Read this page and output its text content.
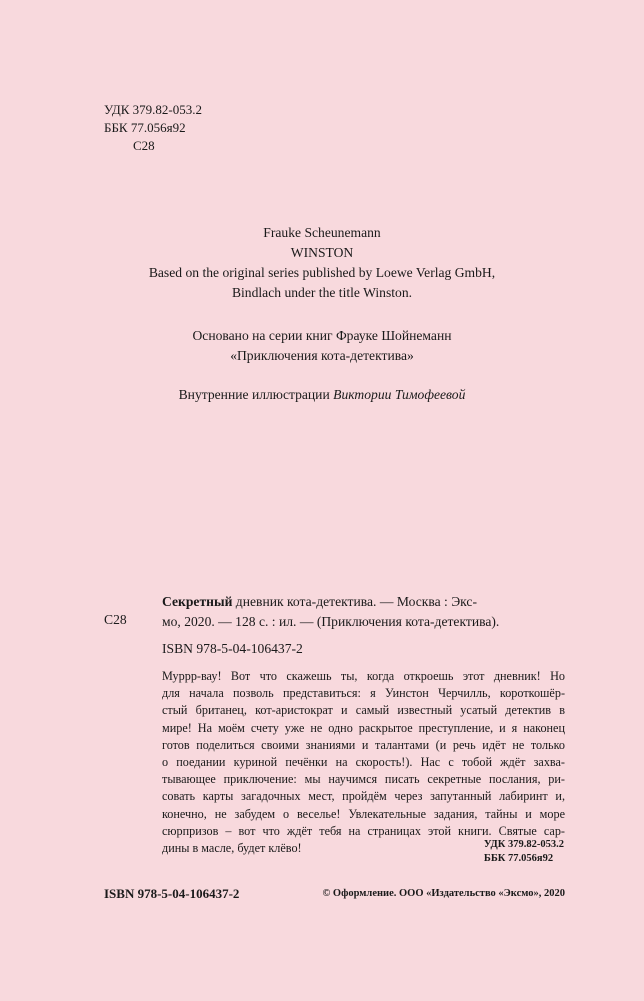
УДК 379.82-053.2
ББК 77.056я92
С28
Frauke Scheunemann
WINSTON
Based on the original series published by Loewe Verlag GmbH,
Bindlach under the title Winston.
Основано на серии книг Фрауке Шойнеманн
«Приключения кота-детектива»
Внутренние иллюстрации Виктории Тимофеевой
С28
Секретный дневник кота-детектива. — Москва : Экс-
мо, 2020. — 128 с. : ил. — (Приключения кота-детектива).
ISBN 978-5-04-106437-2
Муррр-вау! Вот что скажешь ты, когда откроешь этот дневник! Но
для начала позволь представиться: я Уинстон Черчилль, короткошёр-
стый британец, кот-аристократ и самый известный усатый детектив в
мире! На моём счету уже не одно раскрытое преступление, и я наконец
готов поделиться своими знаниями и талантами (и речь идёт не только
о поедании куриной печёнки на скорость!). Нас с тобой ждёт захва-
тывающее приключение: мы научимся писать секретные послания, ри-
совать карты загадочных мест, пройдём через запутанный лабиринт и,
конечно, не забудем о веселье! Увлекательные задания, тайны и море
сюрпризов – вот что ждёт тебя на страницах этой книги. Святые сар-
дины в масле, будет клёво!	УДК 379.82-053.2
ББК 77.056я92
ISBN 978-5-04-106437-2	© Оформление. ООО «Издательство «Эксмо», 2020
